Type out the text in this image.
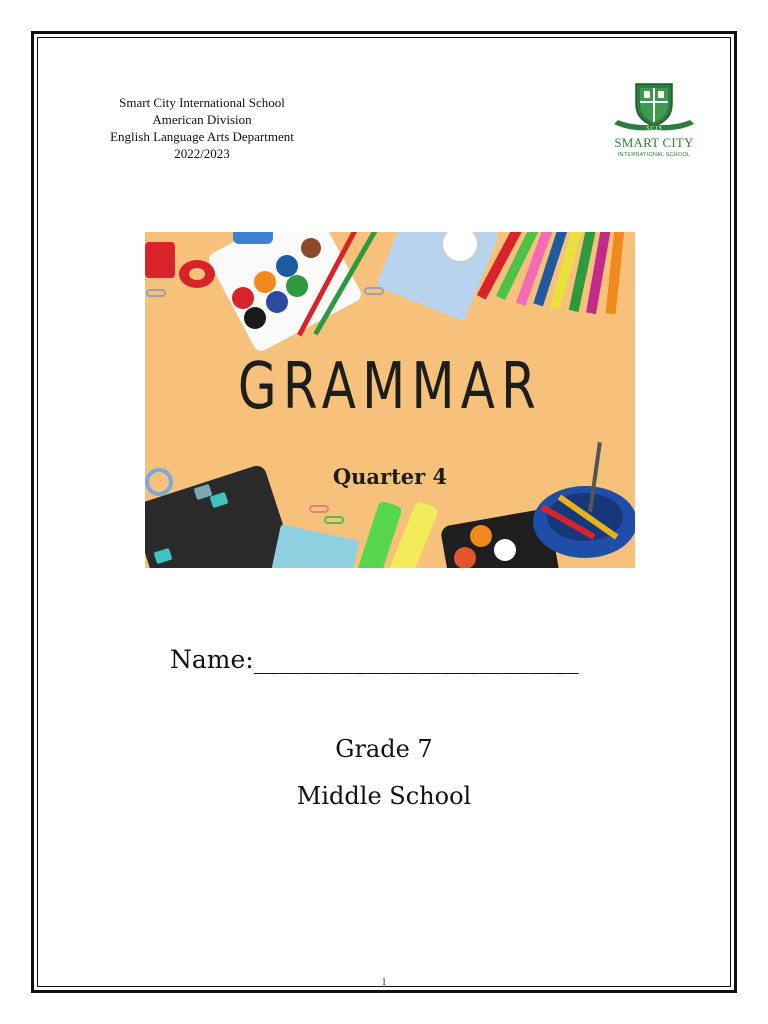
Smart City International School
American Division
English Language Arts Department
2022/2023
S.C.I.S
SMART CITY
INTERNATIONAL SCHOOL
GRAMMAR
Quarter 4
Name:__________________________
Grade 7
Middle School
1
